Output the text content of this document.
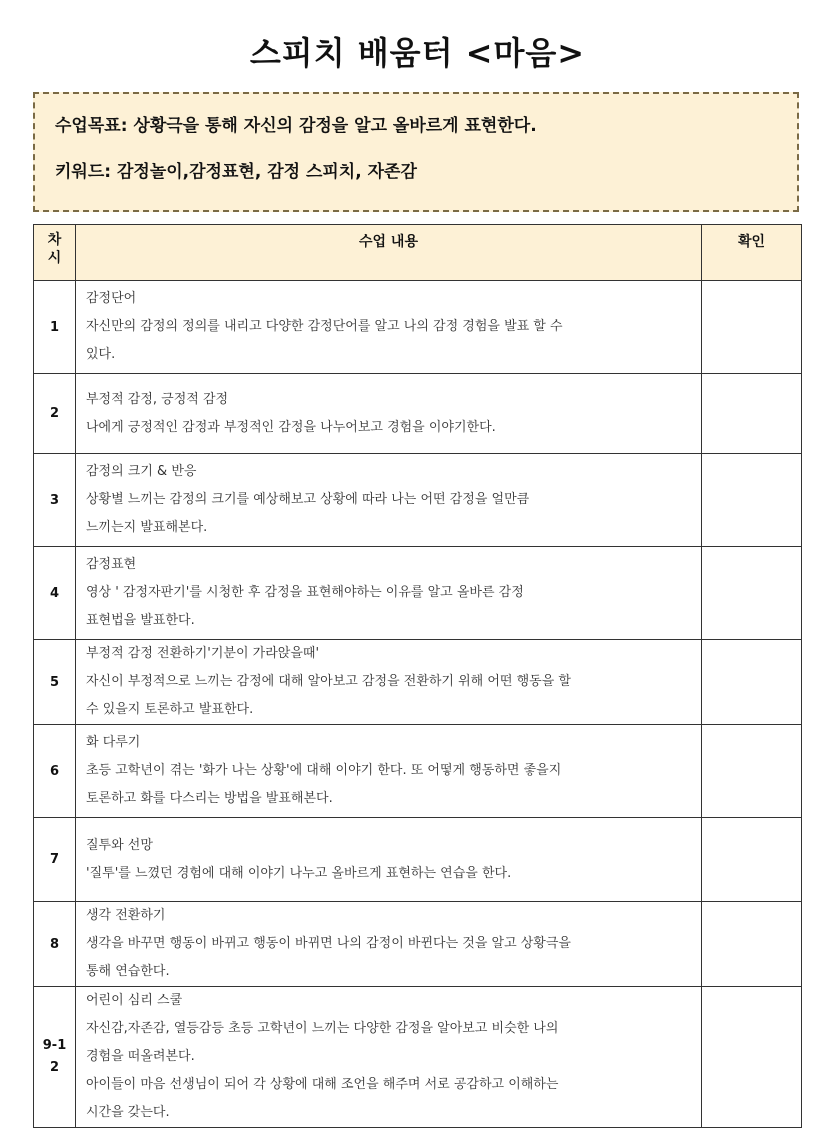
스피치 배움터 <마음>
수업목표: 상황극을 통해 자신의 감정을 알고 올바르게 표현한다.
키워드: 감정놀이,감정표현, 감정 스피치, 자존감
차시	수업 내용	확인
1	감정단어
자신만의 감정의 정의를 내리고 다양한 감정단어를 알고 나의 감정 경험을 발표 할 수
있다.	

2	부정적 감정, 긍정적 감정
나에게 긍정적인 감정과 부정적인 감정을 나누어보고 경험을 이야기한다.	

3	감정의 크기 & 반응
상황별 느끼는 감정의 크기를 예상해보고 상황에 따라 나는 어떤 감정을 얼만큼
느끼는지 발표해본다.	

4	감정표현
영상 ' 감정자판기'를 시청한 후 감정을 표현해야하는 이유를 알고 올바른 감정
표현법을 발표한다.	

5	부정적 감정 전환하기'기분이 가라앉을때'
자신이 부정적으로 느끼는 감정에 대해 알아보고 감정을 전환하기 위해 어떤 행동을 할
수 있을지 토론하고 발표한다.	

6	화 다루기
초등 고학년이 겪는 '화가 나는 상황'에 대해 이야기 한다. 또 어떻게 행동하면 좋을지
토론하고 화를 다스리는 방법을 발표해본다.	

7	질투와 선망
'질투'를 느꼈던 경험에 대해 이야기 나누고 올바르게 표현하는 연습을 한다.	

8	생각 전환하기
생각을 바꾸면 행동이 바뀌고 행동이 바뀌면 나의 감정이 바뀐다는 것을 알고 상황극을
통해 연습한다.	

9-12	어린이 심리 스쿨
자신감,자존감, 열등감등 초등 고학년이 느끼는 다양한 감정을 알아보고 비슷한 나의
경험을 떠올려본다.
아이들이 마음 선생님이 되어 각 상황에 대해 조언을 해주며 서로 공감하고 이해하는
시간을 갖는다.	
